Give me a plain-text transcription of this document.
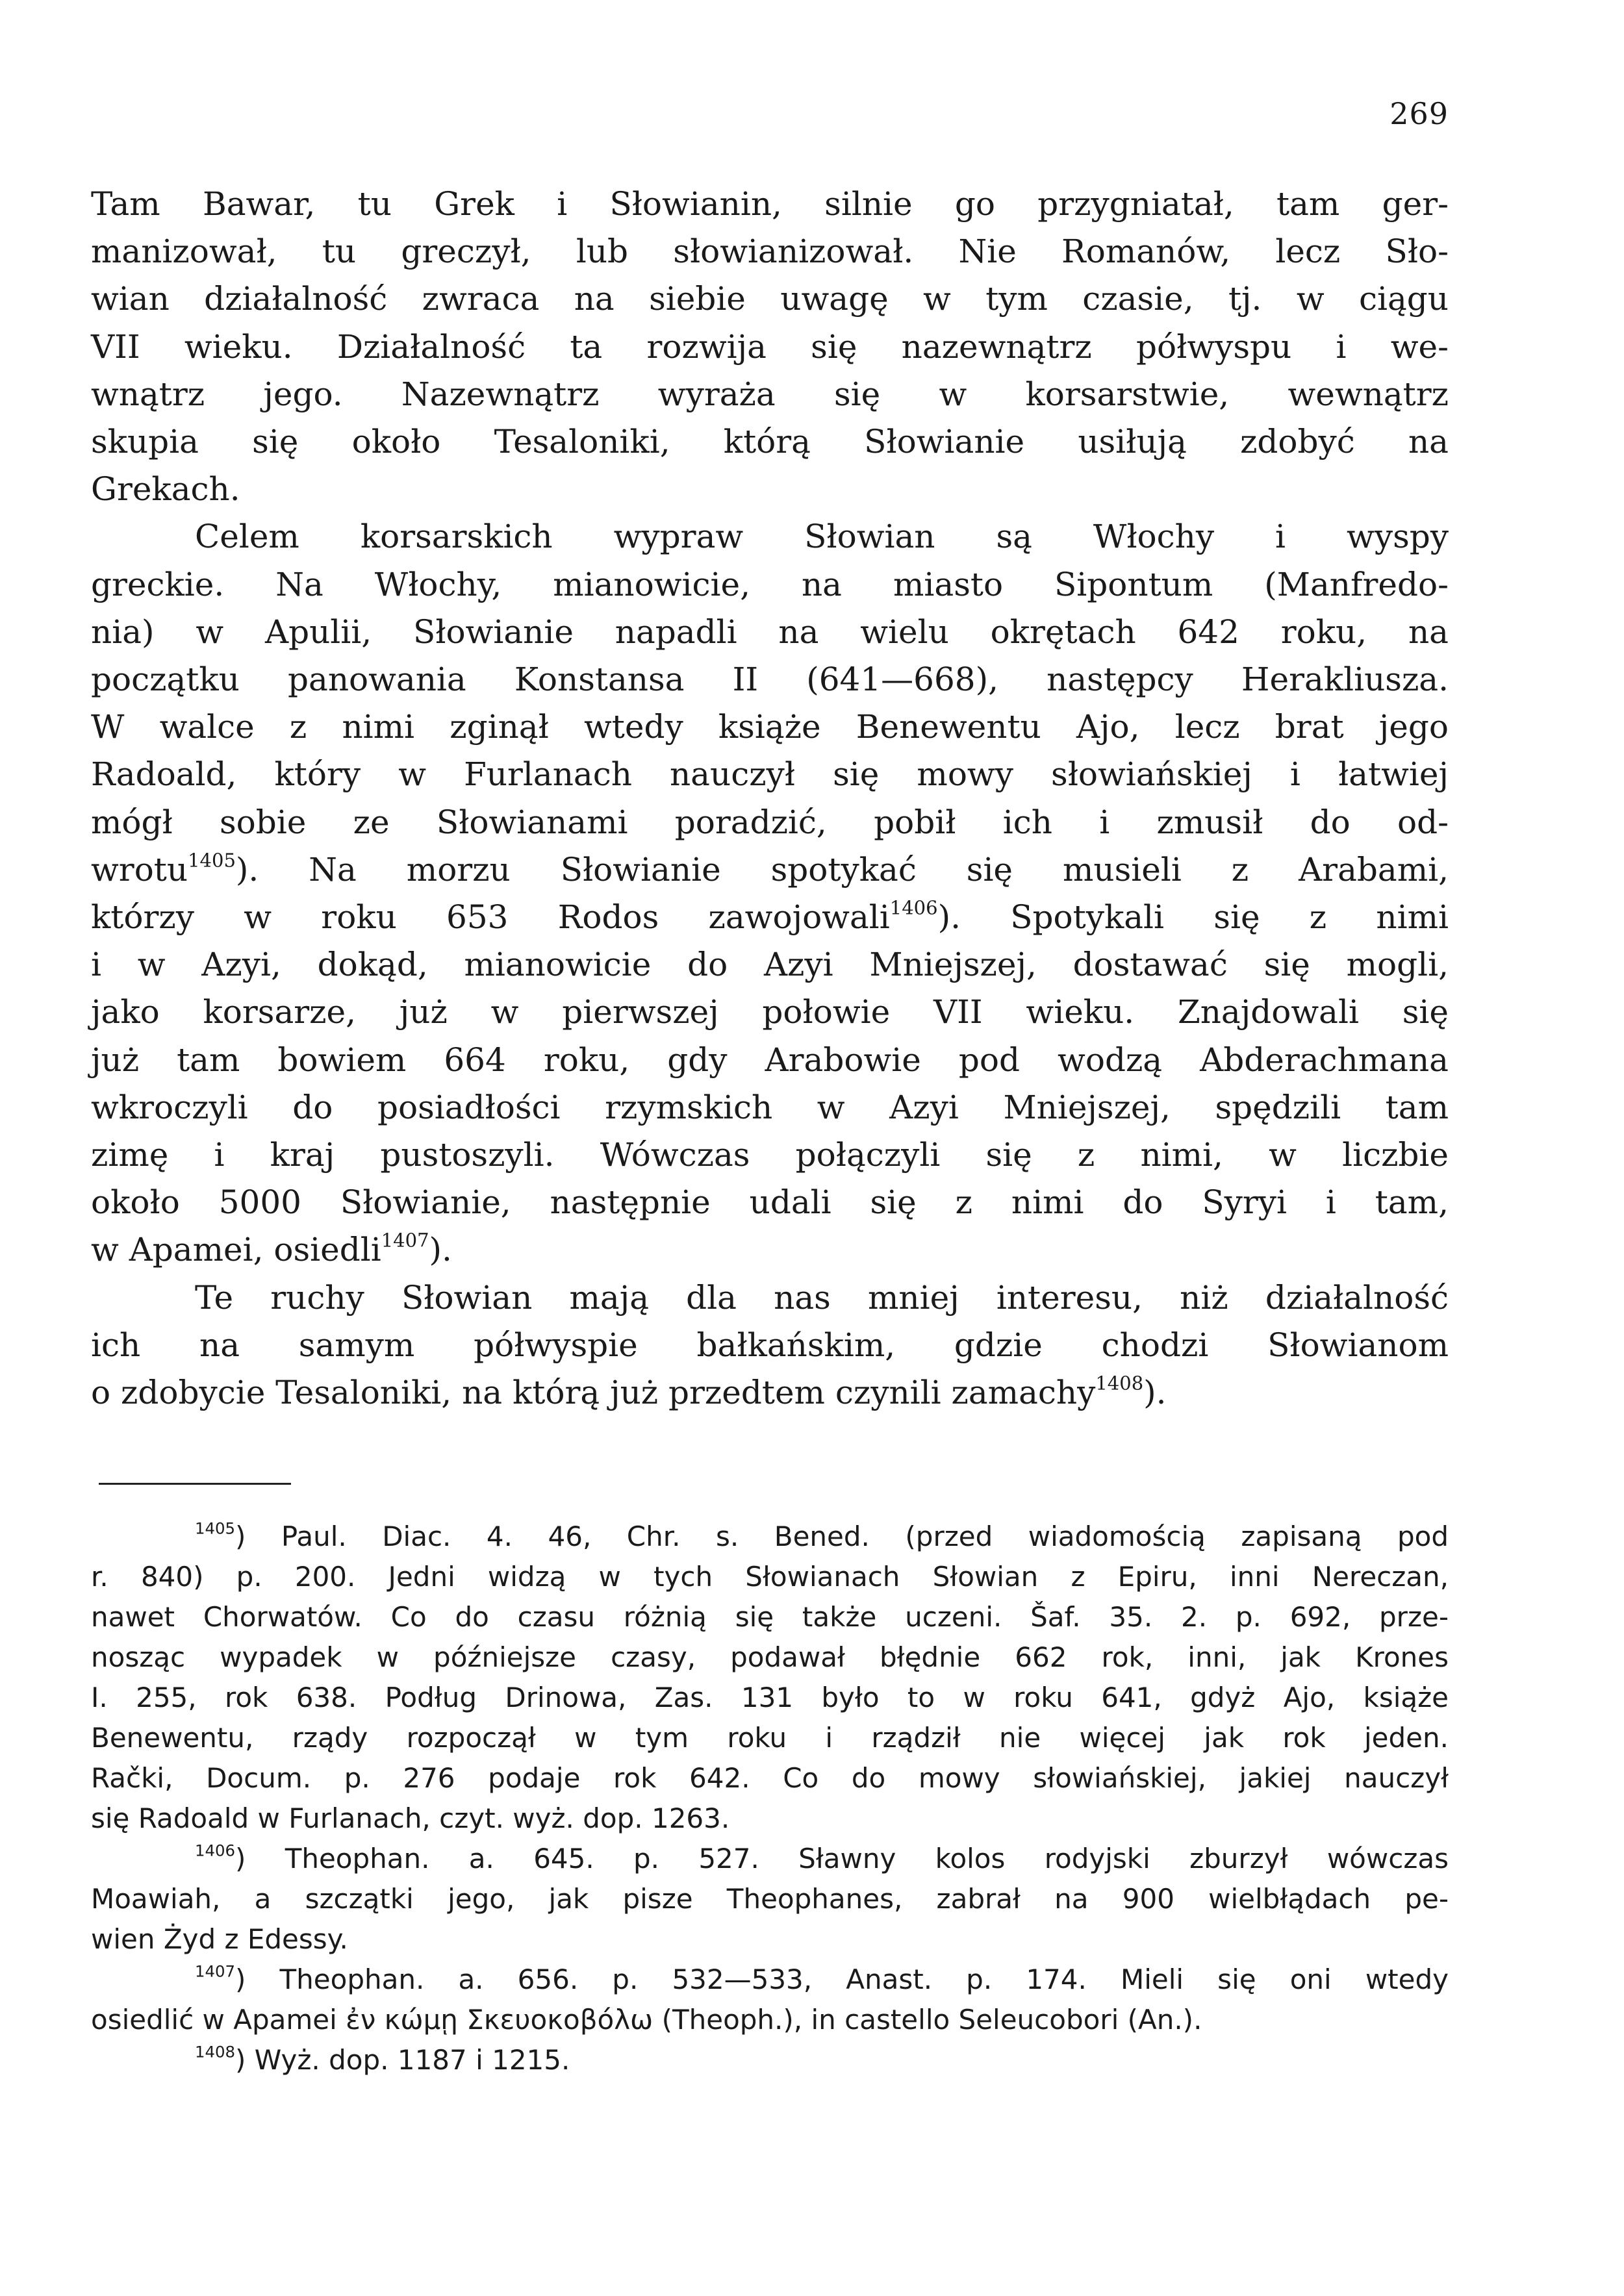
269
Tam Bawar, tu Grek i Słowianin, silnie go przygniatał, tam ger-
manizował, tu greczył, lub słowianizował. Nie Romanów, lecz Sło-
wian działalność zwraca na siebie uwagę w tym czasie, tj. w ciągu
VII wieku. Działalność ta rozwija się nazewnątrz półwyspu i we-
wnątrz jego. Nazewnątrz wyraża się w korsarstwie, wewnątrz
skupia się około Tesaloniki, którą Słowianie usiłują zdobyć na
Grekach.
Celem korsarskich wypraw Słowian są Włochy i wyspy
greckie. Na Włochy, mianowicie, na miasto Sipontum (Manfredo-
nia) w Apulii, Słowianie napadli na wielu okrętach 642 roku, na
początku panowania Konstansa II (641—668), następcy Herakliusza.
W walce z nimi zginął wtedy książe Benewentu Ajo, lecz brat jego
Radoald, który w Furlanach nauczył się mowy słowiańskiej i łatwiej
mógł sobie ze Słowianami poradzić, pobił ich i zmusił do od-
wrotu$^{1405}$). Na morzu Słowianie spotykać się musieli z Arabami,
którzy w roku 653 Rodos zawojowali$^{1406}$). Spotykali się z nimi
i w Azyi, dokąd, mianowicie do Azyi Mniejszej, dostawać się mogli,
jako korsarze, już w pierwszej połowie VII wieku. Znajdowali się
już tam bowiem 664 roku, gdy Arabowie pod wodzą Abderachmana
wkroczyli do posiadłości rzymskich w Azyi Mniejszej, spędzili tam
zimę i kraj pustoszyli. Wówczas połączyli się z nimi, w liczbie
około 5000 Słowianie, następnie udali się z nimi do Syryi i tam,
w Apamei, osiedli$^{1407}$).
Te ruchy Słowian mają dla nas mniej interesu, niż działalność
ich na samym półwyspie bałkańskim, gdzie chodzi Słowianom
o zdobycie Tesaloniki, na którą już przedtem czynili zamachy$^{1408}$).
$^{1405}$) Paul. Diac. 4. 46, Chr. s. Bened. (przed wiadomością zapisaną pod
r. 840) p. 200. Jedni widzą w tych Słowianach Słowian z Epiru, inni Nereczan,
nawet Chorwatów. Co do czasu różnią się także uczeni. Šaf. 35. 2. p. 692, prze-
nosząc wypadek w późniejsze czasy, podawał błędnie 662 rok, inni, jak Krones
I. 255, rok 638. Podług Drinowa, Zas. 131 było to w roku 641, gdyż Ajo, książe
Benewentu, rządy rozpoczął w tym roku i rządził nie więcej jak rok jeden.
Rački, Docum. p. 276 podaje rok 642. Co do mowy słowiańskiej, jakiej nauczył
się Radoald w Furlanach, czyt. wyż. dop. 1263.
$^{1406}$) Theophan. a. 645. p. 527. Sławny kolos rodyjski zburzył wówczas
Moawiah, a szczątki jego, jak pisze Theophanes, zabrał na 900 wielbłądach pe-
wien Żyd z Edessy.
$^{1407}$) Theophan. a. 656. p. 532—533, Anast. p. 174. Mieli się oni wtedy
osiedlić w Apamei ἐν κώμῃ Σκευοκοβόλω (Theoph.), in castello Seleucobori (An.).
$^{1408}$) Wyż. dop. 1187 i 1215.
